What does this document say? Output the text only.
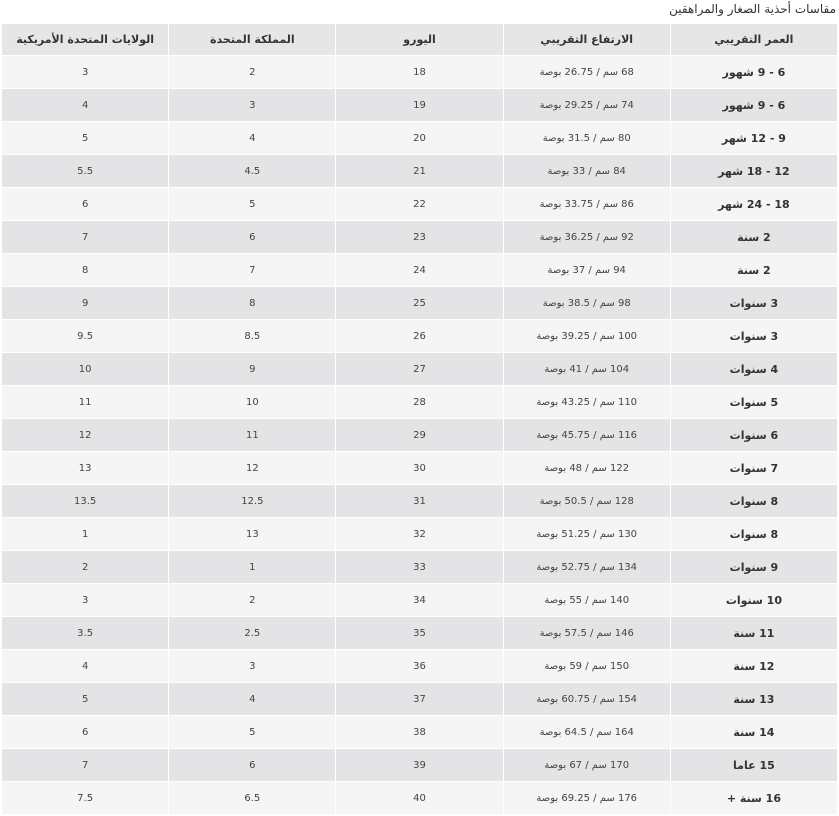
مقاسات أحذية الصغار والمراهقين
العمر التقريبي	الارتفاع التقريبي	اليورو	المملكة المتحدة	الولايات المتحدة الأمريكية
6 - 9 شهور	68 سم / 26.75 بوصة	18	2	3
6 - 9 شهور	74 سم / 29.25 بوصة	19	3	4
9 - 12 شهر	80 سم / 31.5 بوصة	20	4	5
12 - 18 شهر	84 سم / 33 بوصة	21	4.5	5.5
18 - 24 شهر	86 سم / 33.75 بوصة	22	5	6
2 سنة	92 سم / 36.25 بوصة	23	6	7
2 سنة	94 سم / 37 بوصة	24	7	8
3 سنوات	98 سم / 38.5 بوصة	25	8	9
3 سنوات	100 سم / 39.25 بوصة	26	8.5	9.5
4 سنوات	104 سم / 41 بوصة	27	9	10
5 سنوات	110 سم / 43.25 بوصة	28	10	11
6 سنوات	116 سم / 45.75 بوصة	29	11	12
7 سنوات	122 سم / 48 بوصة	30	12	13
8 سنوات	128 سم / 50.5 بوصة	31	12.5	13.5
8 سنوات	130 سم / 51.25 بوصة	32	13	1
9 سنوات	134 سم / 52.75 بوصة	33	1	2
10 سنوات	140 سم / 55 بوصة	34	2	3
11 سنة	146 سم / 57.5 بوصة	35	2.5	3.5
12 سنة	150 سم / 59 بوصة	36	3	4
13 سنة	154 سم / 60.75 بوصة	37	4	5
14 سنة	164 سم / 64.5 بوصة	38	5	6
15 عاما	170 سم / 67 بوصة	39	6	7
16 سنة +	176 سم / 69.25 بوصة	40	6.5	7.5
